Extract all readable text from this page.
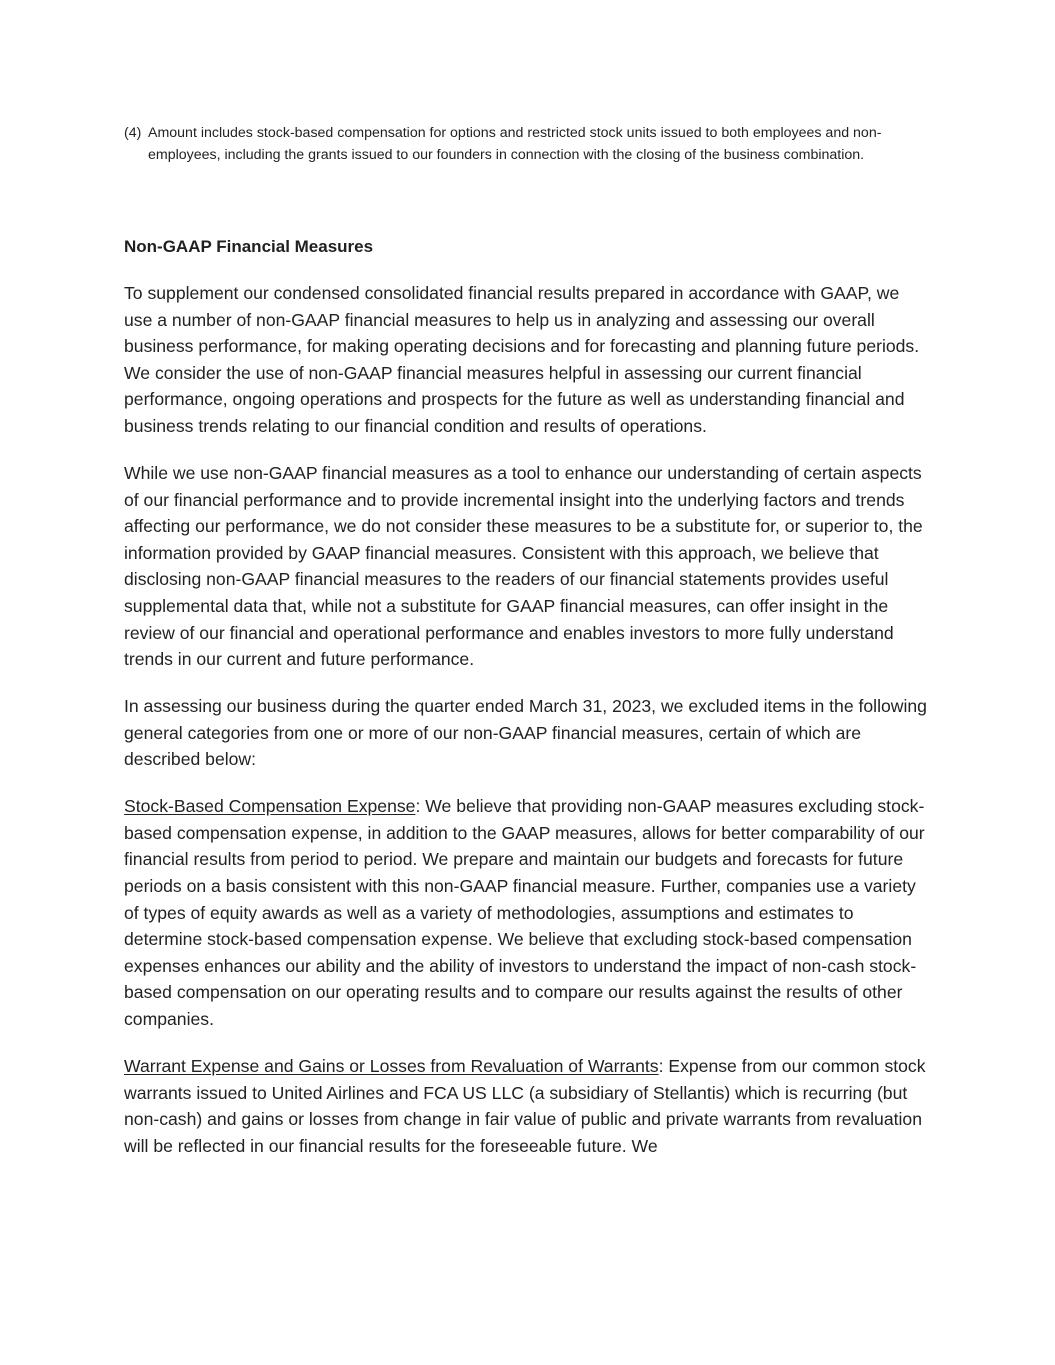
(4) Amount includes stock-based compensation for options and restricted stock units issued to both employees and non-employees, including the grants issued to our founders in connection with the closing of the business combination.
Non-GAAP Financial Measures

To supplement our condensed consolidated financial results prepared in accordance with GAAP, we use a number of non-GAAP financial measures to help us in analyzing and assessing our overall business performance, for making operating decisions and for forecasting and planning future periods. We consider the use of non-GAAP financial measures helpful in assessing our current financial performance, ongoing operations and prospects for the future as well as understanding financial and business trends relating to our financial condition and results of operations.

While we use non-GAAP financial measures as a tool to enhance our understanding of certain aspects of our financial performance and to provide incremental insight into the underlying factors and trends affecting our performance, we do not consider these measures to be a substitute for, or superior to, the information provided by GAAP financial measures. Consistent with this approach, we believe that disclosing non-GAAP financial measures to the readers of our financial statements provides useful supplemental data that, while not a substitute for GAAP financial measures, can offer insight in the review of our financial and operational performance and enables investors to more fully understand trends in our current and future performance.

In assessing our business during the quarter ended March 31, 2023, we excluded items in the following general categories from one or more of our non-GAAP financial measures, certain of which are described below:

Stock-Based Compensation Expense: We believe that providing non-GAAP measures excluding stock-based compensation expense, in addition to the GAAP measures, allows for better comparability of our financial results from period to period. We prepare and maintain our budgets and forecasts for future periods on a basis consistent with this non-GAAP financial measure. Further, companies use a variety of types of equity awards as well as a variety of methodologies, assumptions and estimates to determine stock-based compensation expense. We believe that excluding stock-based compensation expenses enhances our ability and the ability of investors to understand the impact of non-cash stock-based compensation on our operating results and to compare our results against the results of other companies.

Warrant Expense and Gains or Losses from Revaluation of Warrants: Expense from our common stock warrants issued to United Airlines and FCA US LLC (a subsidiary of Stellantis) which is recurring (but non-cash) and gains or losses from change in fair value of public and private warrants from revaluation will be reflected in our financial results for the foreseeable future. We
